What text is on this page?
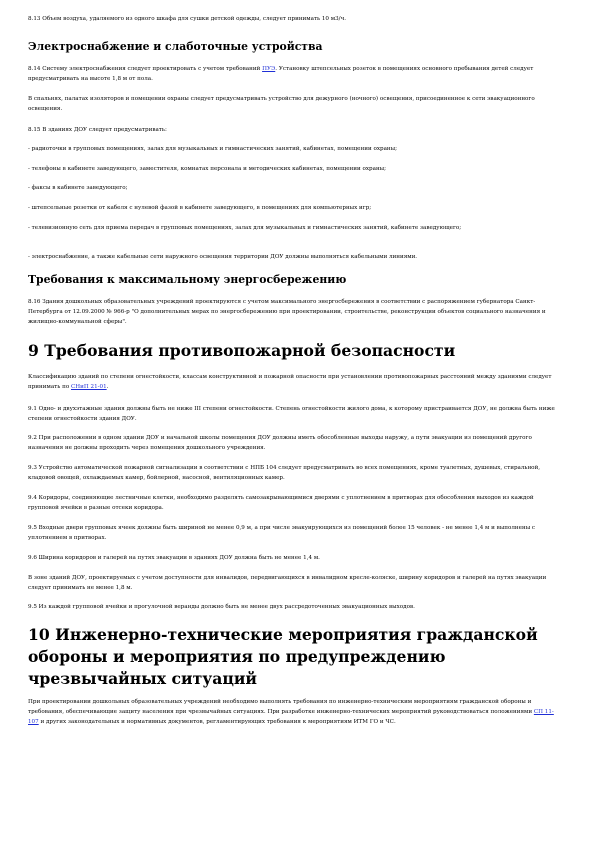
8.13 Объем воздуха, удаляемого из одного шкафа для сушки детской одежды, следует принимать 10 м3/ч.

Электроснабжение и слаботочные устройства

8.14 Систему электроснабжения следует проектировать с учетом требований ПУЭ. Установку штепсельных розеток в помещениях основного пребывания детей следует предусматривать на высоте 1,8 м от пола.

В спальнях, палатах изоляторов и помещении охраны следует предусматривать устройство для дежурного (ночного) освещения, присоединенное к сети эвакуационного освещения.

8.15 В зданиях ДОУ следует предусматривать:

- радиоточки в групповых помещениях, залах для музыкальных и гимнастических занятий, кабинетах, помещении охраны;

- телефоны в кабинете заведующего, заместителя, комнатах персонала и методических кабинетах, помещении охраны;

- факсы в кабинете заведующего;

- штепсельные розетки от кабеля с нулевой фазой в кабинете заведующего, в помещениях для компьютерных игр;

- телевизионную сеть для приема передач в групповых помещениях, залах для музыкальных и гимнастических занятий, кабинете заведующего;

- электроснабжение, а также кабельные сети наружного освещения территории ДОУ должны выполняться кабельными линиями.

Требования к максимальному энергосбережению

8.16 Здания дошкольных образовательных учреждений проектируются с учетом максимального энергосбережения в соответствии с распоряжением губернатора Санкт-Петербурга от 12.09.2000 № 966-р "О дополнительных мерах по энергосбережению при проектировании, строительстве, реконструкции объектов социального назначения и жилищно-коммунальной сферы".

9 Требования противопожарной безопасности

Классификацию зданий по степени огнестойкости, классам конструктивной и пожарной опасности при установлении противопожарных расстояний между зданиями следует принимать по СНиП 21-01.

9.1 Одно- и двухэтажные здания должны быть не ниже III степени огнестойкости. Степень огнестойкости жилого дома, к которому пристраивается ДОУ, не должна быть ниже степени огнестойкости здания ДОУ.

9.2 При расположении в одном здании ДОУ и начальной школы помещения ДОУ должны иметь обособленные выходы наружу, а пути эвакуации из помещений другого назначения не должны проходить через помещения дошкольного учреждения.

9.3 Устройство автоматической пожарной сигнализации в соответствии с НПБ 104 следует предусматривать во всех помещениях, кроме туалетных, душевых, стиральной, кладовой овощей, охлаждаемых камер, бойлерной, насосной, вентиляционных камер.

9.4 Коридоры, соединяющие лестничные клетки, необходимо разделять самозакрывающимися дверями с уплотнением в притворах для обособления выходов из каждой групповой ячейки в разные отсеки коридора.

9.5 Входные двери групповых ячеек должны быть шириной не менее 0,9 м, а при числе эвакуирующихся из помещений более 15 человек - не менее 1,4 м и выполнены с уплотнением в притворах.

9.6 Ширина коридоров и галерей на путях эвакуации в зданиях ДОУ должна быть не менее 1,4 м.

В зоне зданий ДОУ, проектируемых с учетом доступности для инвалидов, передвигающихся в инвалидном кресле-коляске, ширину коридоров и галерей на путях эвакуации следует принимать не менее 1,8 м.

9.5 Из каждой групповой ячейки и прогулочной веранды должно быть не менее двух рассредоточенных эвакуационных выходов.

10 Инженерно-технические мероприятия гражданской обороны и мероприятия по предупреждению чрезвычайных ситуаций

При проектировании дошкольных образовательных учреждений необходимо выполнять требования по инженерно-техническим мероприятиям гражданской обороны и требования, обеспечивающие защиту населения при чрезвычайных ситуациях. При разработке инженерно-технических мероприятий руководствоваться положениями СП 11-107 и других законодательных и нормативных документов, регламентирующих требования к мероприятиям ИТМ ГО и ЧС.
